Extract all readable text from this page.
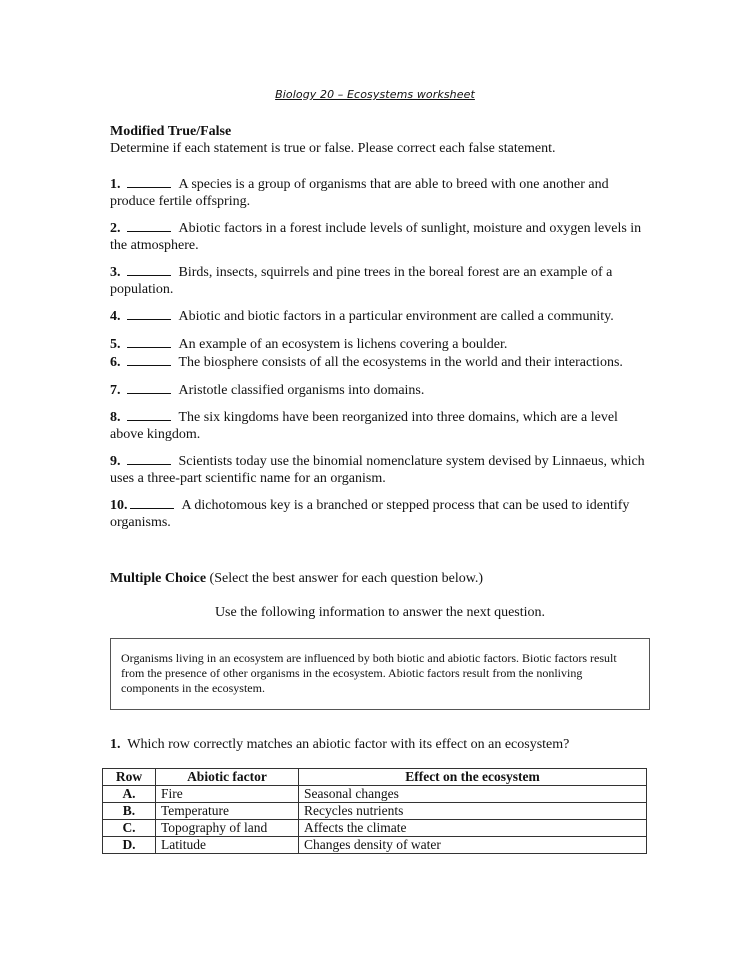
Biology 20 – Ecosystems worksheet
Modified True/False
Determine if each statement is true or false. Please correct each false statement.
1.	A species is a group of organisms that are able to breed with one another and produce fertile offspring.
2.	Abiotic factors in a forest include levels of sunlight, moisture and oxygen levels in the atmosphere.
3.	Birds, insects, squirrels and pine trees in the boreal forest are an example of a population.
4.	Abiotic and biotic factors in a particular environment are called a community.
5.	An example of an ecosystem is lichens covering a boulder.
6.	The biosphere consists of all the ecosystems in the world and their interactions.
7.	Aristotle classified organisms into domains.
8.	The six kingdoms have been reorganized into three domains, which are a level above kingdom.
9.	Scientists today use the binomial nomenclature system devised by Linnaeus, which uses a three-part scientific name for an organism.
10.	A dichotomous key is a branched or stepped process that can be used to identify organisms.
Multiple Choice (Select the best answer for each question below.)
Use the following information to answer the next question.
Organisms living in an ecosystem are influenced by both biotic and abiotic factors. Biotic factors result from the presence of other organisms in the ecosystem. Abiotic factors result from the nonliving components in the ecosystem.
1. Which row correctly matches an abiotic factor with its effect on an ecosystem?
Row	Abiotic factor	Effect on the ecosystem
A.	Fire	Seasonal changes
B.	Temperature	Recycles nutrients
C.	Topography of land	Affects the climate
D.	Latitude	Changes density of water
